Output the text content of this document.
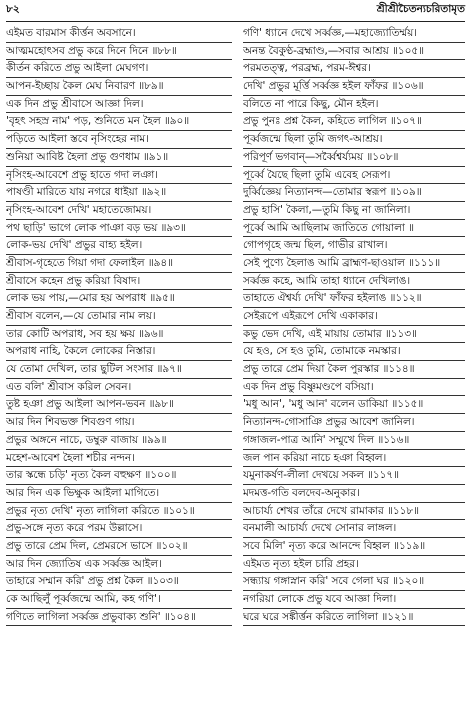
৮২	শ্রীশ্রীচৈতন্যচরিতামৃত
এইমত বারমাস কীর্ত্তন অবসানে।
আত্মমহোৎসব প্রভু করে দিনে দিনে ॥৮৮॥
কীর্তন করিতে প্রভু আইলা মেঘগণ।
আপন-ইচ্ছায় কৈল মেঘ নিবারণ ॥৮৯॥
এক দিন প্রভু শ্রীবাসে আজ্ঞা দিল।
'বৃহৎ সহস্র নাম' পড়, শুনিতে মন হৈল ॥৯০॥
পড়িতে আইলা স্তবে নৃসিংহের নাম।
শুনিয়া আবিষ্ট হৈলা প্রভু গুণধাম ॥৯১॥
নৃসিংহ-আবেশে প্রভু হাতে গদা লঞা।
পাষণ্ডী মারিতে যায় নগরে ধাইয়া ॥৯২॥
নৃসিংহ-আবেশ দেখি' মহাতেজোময়।
পথ ছাড়ি' ভাগে লোক পাঞা বড় ভয় ॥৯৩॥
লোক-ভয় দেখি' প্রভুর বাহ্য হইল।
শ্রীবাস-গৃহেতে গিয়া গদা ফেলাইল ॥৯৪॥
শ্রীবাসে কহেন প্রভু করিয়া বিষাদ।
লোক ভয় পায়,—মোর হয় অপরাধ ॥৯৫॥
শ্রীবাস বলেন,—যে তোমার নাম লয়।
তার কোটি অপরাধ, সব হয় ক্ষয় ॥৯৬॥
অপরাধ নাহি, কৈলে লোকের নিস্তার।
যে তোমা দেখিল, তার ছুটিল সংসার ॥৯৭॥
এত বলি' শ্রীবাস করিল সেবন।
তুষ্ট হঞা প্রভু আইলা আপন-ভবন ॥৯৮॥
আর দিন শিবভক্ত শিবগুণ গায়।
প্রভুর অঙ্গনে নাচে, ডম্বুরু বাজায় ॥৯৯॥
মহেশ-আবেশ হৈলা শচীর নন্দন।
তার স্কন্ধে চড়ি' নৃত্য কৈল বহুক্ষণ ॥১০০॥
আর দিন এক ভিক্ষুক আইলা মাগিতে।
প্রভুর নৃত্য দেখি' নৃত্য লাগিলা করিতে ॥১০১॥
প্রভু-সঙ্গে নৃত্য করে পরম উল্লাসে।
প্রভু তারে প্রেম দিল, প্রেমরসে ভাসে ॥১০২॥
আর দিন জ্যোতিষ এক সর্ব্বজ্ঞ আইল।
তাহারে সম্মান করি' প্রভু প্রশ্ন কৈল ॥১০৩॥
কে আছিলুঁ পূর্ব্বজন্মে আমি, কহ গণি'।
গণিতে লাগিলা সর্ব্বজ্ঞ প্রভুবাক্য শুনি' ॥১০৪॥
গণি' ধ্যানে দেখে সর্ব্বজ্ঞ,—মহাজ্যোতির্ম্ময়।
অনন্ত বৈকুণ্ঠ-ব্রহ্মাণ্ড,—সবার আশ্রয় ॥১০৫॥
পরমতত্ত্ব, পরব্রহ্ম, পরম-ঈশ্বর।
দেখি' প্রভুর মূর্ত্তি সর্ব্বজ্ঞ হইল ফাঁফর ॥১০৬॥
বলিতে না পারে কিছু, মৌন হইল।
প্রভু পুনঃ প্রশ্ন কৈল, কহিতে লাগিল ॥১০৭॥
পূর্ব্বজন্মে ছিলা তুমি জগৎ-আশ্রয়।
পরিপূর্ণ ভগবান্—সর্ব্বৈশ্বর্য্যময় ॥১০৮॥
পূর্ব্বে যৈছে ছিলা তুমি এবেহ সেরূপ।
দুর্ব্বিজ্ঞেয় নিত্যানন্দ—তোমার স্বরূপ ॥১০৯॥
প্রভু হাসি' কৈলা,—তুমি কিছু না জানিলা।
পূর্ব্বে আমি আছিলাম জাতিতে গোয়ালা ॥
গোপগৃহে জন্ম ছিল, গাভীর রাখাল।
সেই পুণ্যে হৈলাঙ আমি ব্রাহ্মণ-ছাওয়াল ॥১১১॥
সর্ব্বজ্ঞ কহে, আমি তাহা ধ্যানে দেখিলাঙ।
তাহাতে ঐশ্বর্য্য দেখি' ফাঁফর হইলাঙ ॥১১২॥
সেইরূপে এইরূপে দেখি একাকার।
কভু ভেদ দেখি, এই মায়ায় তোমার ॥১১৩॥
যে হও, সে হও তুমি, তোমাকে নমস্কার।
প্রভু তারে প্রেম দিয়া কৈল পুরস্কার ॥১১৪॥
এক দিন প্রভু বিষ্ণুমণ্ডপে বসিয়া।
'মধু আন', 'মধু আন' বলেন ডাকিয়া ॥১১৫॥
নিত্যানন্দ-গোসাঞি প্রভুর আবেশ জানিল।
গঙ্গাজল-পাত্র আনি' সম্মুখে দিল ॥১১৬॥
জল পান করিয়া নাচে হঞা বিহ্বল।
যমুনাকর্ষণ-লীলা দেখয়ে সকল ॥১১৭॥
মদমত্ত-গতি বলদেব-অনুকার।
আচার্য্য শেখর তাঁরে দেখে রামাকার ॥১১৮॥
বনমালী আচার্য্য দেখে সোনার লাঙ্গল।
সবে মিলি' নৃত্য করে আনন্দে বিহ্বল ॥১১৯॥
এইমত নৃত্য হইল চারি প্রহর।
সন্ধ্যায় গঙ্গাস্নান করি' সবে গেলা ঘর ॥১২০॥
নগরিয়া লোকে প্রভু যবে আজ্ঞা দিলা।
ঘরে ঘরে সঙ্কীর্ত্তন করিতে লাগিলা ॥১২১॥
